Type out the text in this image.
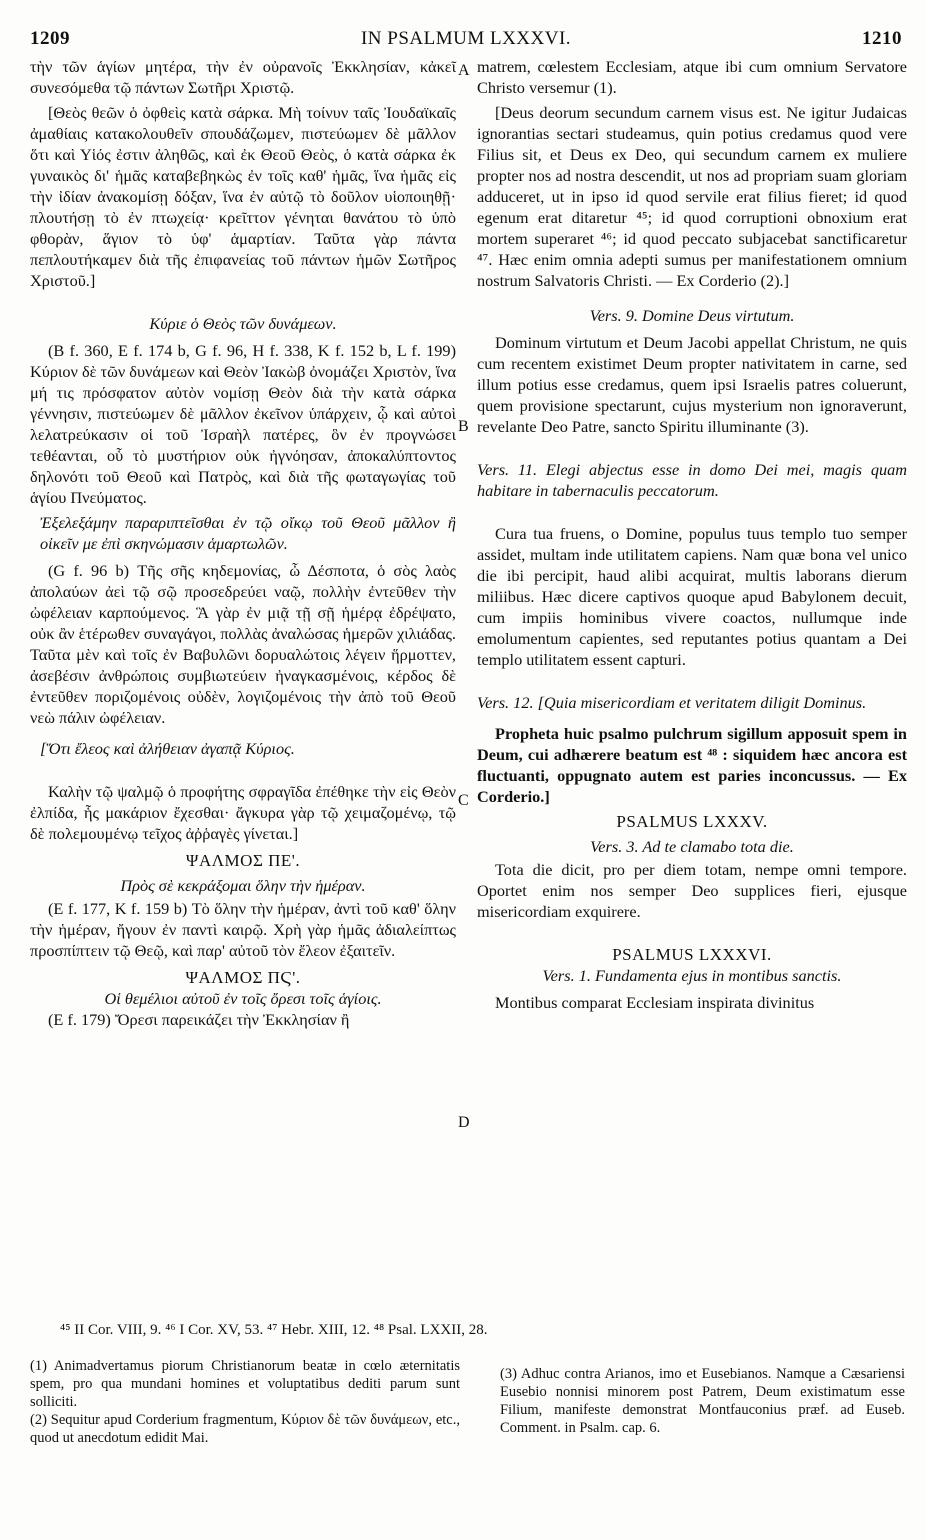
1209	IN PSALMUM LXXXVI.	1210
A
B
C
D

τὴν τῶν ἁγίων μητέρα, τὴν ἐν οὐρανοῖς Ἐκκλησίαν, κἀκεῖ συνεσόμεθα τῷ πάντων Σωτῆρι Χριστῷ.

[Θεὸς θεῶν ὁ ὀφθεὶς κατὰ σάρκα. Μὴ τοίνυν ταῖς Ἰουδαϊκαῖς ἀμαθίαις κατακολουθεῖν σπουδάζωμεν, πιστεύωμεν δὲ μᾶλλον ὅτι καὶ Υἱός ἐστιν ἀληθῶς, καὶ ἐκ Θεοῦ Θεὸς, ὁ κατὰ σάρκα ἐκ γυναικὸς δι' ἡμᾶς καταβεβηκὼς ἐν τοῖς καθ' ἡμᾶς, ἵνα ἡμᾶς εἰς τὴν ἰδίαν ἀνακομίσῃ δόξαν, ἵνα ἐν αὐτῷ τὸ δοῦλον υἱοποιηθῇ· πλουτήσῃ τὸ ἐν πτωχείᾳ· κρεῖττον γένηται θανάτου τὸ ὑπὸ φθορὰν, ἅγιον τὸ ὑφ' ἁμαρτίαν. Ταῦτα γὰρ πάντα πεπλουτήκαμεν διὰ τῆς ἐπιφανείας τοῦ πάντων ἡμῶν Σωτῆρος Χριστοῦ.]

Κύριε ὁ Θεὸς τῶν δυνάμεων.

(B f. 360, E f. 174 b, G f. 96, H f. 338, K f. 152 b, L f. 199) Κύριον δὲ τῶν δυνάμεων καὶ Θεὸν Ἰακὼβ ὀνομάζει Χριστὸν, ἵνα μή τις πρόσφατον αὐτὸν νομίσῃ Θεὸν διὰ τὴν κατὰ σάρκα γέννησιν, πιστεύωμεν δὲ μᾶλλον ἐκεῖνον ὑπάρχειν, ᾧ καὶ αὐτοὶ λελατρεύκασιν οἱ τοῦ Ἰσραὴλ πατέρες, ὃν ἐν προγνώσει τεθέανται, οὗ τὸ μυστήριον οὐκ ἠγνόησαν, ἀποκαλύπτοντος δηλονότι τοῦ Θεοῦ καὶ Πατρὸς, καὶ διὰ τῆς φωταγωγίας τοῦ ἁγίου Πνεύματος.

Ἐξελεξάμην παραριπτεῖσθαι ἐν τῷ οἴκῳ τοῦ Θεοῦ μᾶλλον ἢ οἰκεῖν με ἐπὶ σκηνώμασιν ἁμαρτωλῶν.

(G f. 96 b) Τῆς σῆς κηδεμονίας, ὦ Δέσποτα, ὁ σὸς λαὸς ἀπολαύων ἀεὶ τῷ σῷ προσεδρεύει ναῷ, πολλὴν ἐντεῦθεν τὴν ὠφέλειαν καρπούμενος. Ἃ γὰρ ἐν μιᾷ τῇ σῇ ἡμέρᾳ ἐδρέψατο, οὐκ ἂν ἑτέρωθεν συναγάγοι, πολλὰς ἀναλώσας ἡμερῶν χιλιάδας. Ταῦτα μὲν καὶ τοῖς ἐν Βαβυλῶνι δορυαλώτοις λέγειν ἥρμοττεν, ἀσεβέσιν ἀνθρώποις συμβιωτεύειν ἠναγκασμένοις, κέρδος δὲ ἐντεῦθεν ποριζομένοις οὐδὲν, λογιζομένοις τὴν ἀπὸ τοῦ Θεοῦ νεὼ πάλιν ὠφέλειαν.

[Ὅτι ἔλεος καὶ ἀλήθειαν ἀγαπᾷ Κύριος.

Καλὴν τῷ ψαλμῷ ὁ προφήτης σφραγῖδα ἐπέθηκε τὴν εἰς Θεὸν ἐλπίδα, ἧς μακάριον ἔχεσθαι· ἄγκυρα γὰρ τῷ χειμαζομένῳ, τῷ δὲ πολεμουμένῳ τεῖχος ἀῤῥαγὲς γίνεται.]

ΨΑΛΜΟΣ ΠΕ'.

Πρὸς σὲ κεκράξομαι ὅλην τὴν ἡμέραν.

(E f. 177, K f. 159 b) Τὸ ὅλην τὴν ἡμέραν, ἀντὶ τοῦ καθ' ὅλην τὴν ἡμέραν, ἤγουν ἐν παντὶ καιρῷ. Χρὴ γὰρ ἡμᾶς ἀδιαλείπτως προσπίπτειν τῷ Θεῷ, καὶ παρ' αὐτοῦ τὸν ἔλεον ἐξαιτεῖν.

ΨΑΛΜΟΣ ΠϚ'.

Οἱ θεμέλιοι αὐτοῦ ἐν τοῖς ὄρεσι τοῖς ἁγίοις.

(E f. 179) Ὄρεσι παρεικάζει τὴν Ἐκκλησίαν ἢ

matrem, cœlestem Ecclesiam, atque ibi cum omnium Servatore Christo versemur (1).

[Deus deorum secundum carnem visus est. Ne igitur Judaicas ignorantias sectari studeamus, quin potius credamus quod vere Filius sit, et Deus ex Deo, qui secundum carnem ex muliere propter nos ad nostra descendit, ut nos ad propriam suam gloriam adduceret, ut in ipso id quod servile erat filius fieret; id quod egenum erat ditaretur ⁴⁵; id quod corruptioni obnoxium erat mortem superaret ⁴⁶; id quod peccato subjacebat sanctificaretur ⁴⁷. Hæc enim omnia adepti sumus per manifestationem omnium nostrum Salvatoris Christi. — Ex Corderio (2).]

Vers. 9. Domine Deus virtutum.

Dominum virtutum et Deum Jacobi appellat Christum, ne quis cum recentem existimet Deum propter nativitatem in carne, sed illum potius esse credamus, quem ipsi Israelis patres coluerunt, quem provisione spectarunt, cujus mysterium non ignoraverunt, revelante Deo Patre, sancto Spiritu illuminante (3).

Vers. 11. Elegi abjectus esse in domo Dei mei, magis quam habitare in tabernaculis peccatorum.

Cura tua fruens, o Domine, populus tuus templo tuo semper assidet, multam inde utilitatem capiens. Nam quæ bona vel unico die ibi percipit, haud alibi acquirat, multis laborans dierum miliibus. Hæc dicere captivos quoque apud Babylonem decuit, cum impiis hominibus vivere coactos, nullumque inde emolumentum capientes, sed reputantes potius quantam a Dei templo utilitatem essent capturi.

Vers. 12. [Quia misericordiam et veritatem diligit Dominus.

Propheta huic psalmo pulchrum sigillum apposuit spem in Deum, cui adhærere beatum est ⁴⁸ : siquidem hæc ancora est fluctuanti, oppugnato autem est paries inconcussus. — Ex Corderio.]

PSALMUS LXXXV.

Vers. 3. Ad te clamabo tota die.

Tota die dicit, pro per diem totam, nempe omni tempore. Oportet enim nos semper Deo supplices fieri, ejusque misericordiam exquirere.

PSALMUS LXXXVI.

Vers. 1. Fundamenta ejus in montibus sanctis.

Montibus comparat Ecclesiam inspirata divinitus

⁴⁵ II Cor. VIII, 9. ⁴⁶ I Cor. XV, 53. ⁴⁷ Hebr. XIII, 12. ⁴⁸ Psal. LXXII, 28.

(1) Animadvertamus piorum Christianorum beatæ in cœlo æternitatis spem, pro qua mundani homines et voluptatibus dediti parum sunt solliciti.

(2) Sequitur apud Corderium fragmentum, Κύριον δὲ τῶν δυνάμεων, etc., quod ut anecdotum edidit Mai.

(3) Adhuc contra Arianos, imo et Eusebianos. Namque a Cæsariensi Eusebio nonnisi minorem post Patrem, Deum existimatum esse Filium, manifeste demonstrat Montfauconius præf. ad Euseb. Comment. in Psalm. cap. 6.
